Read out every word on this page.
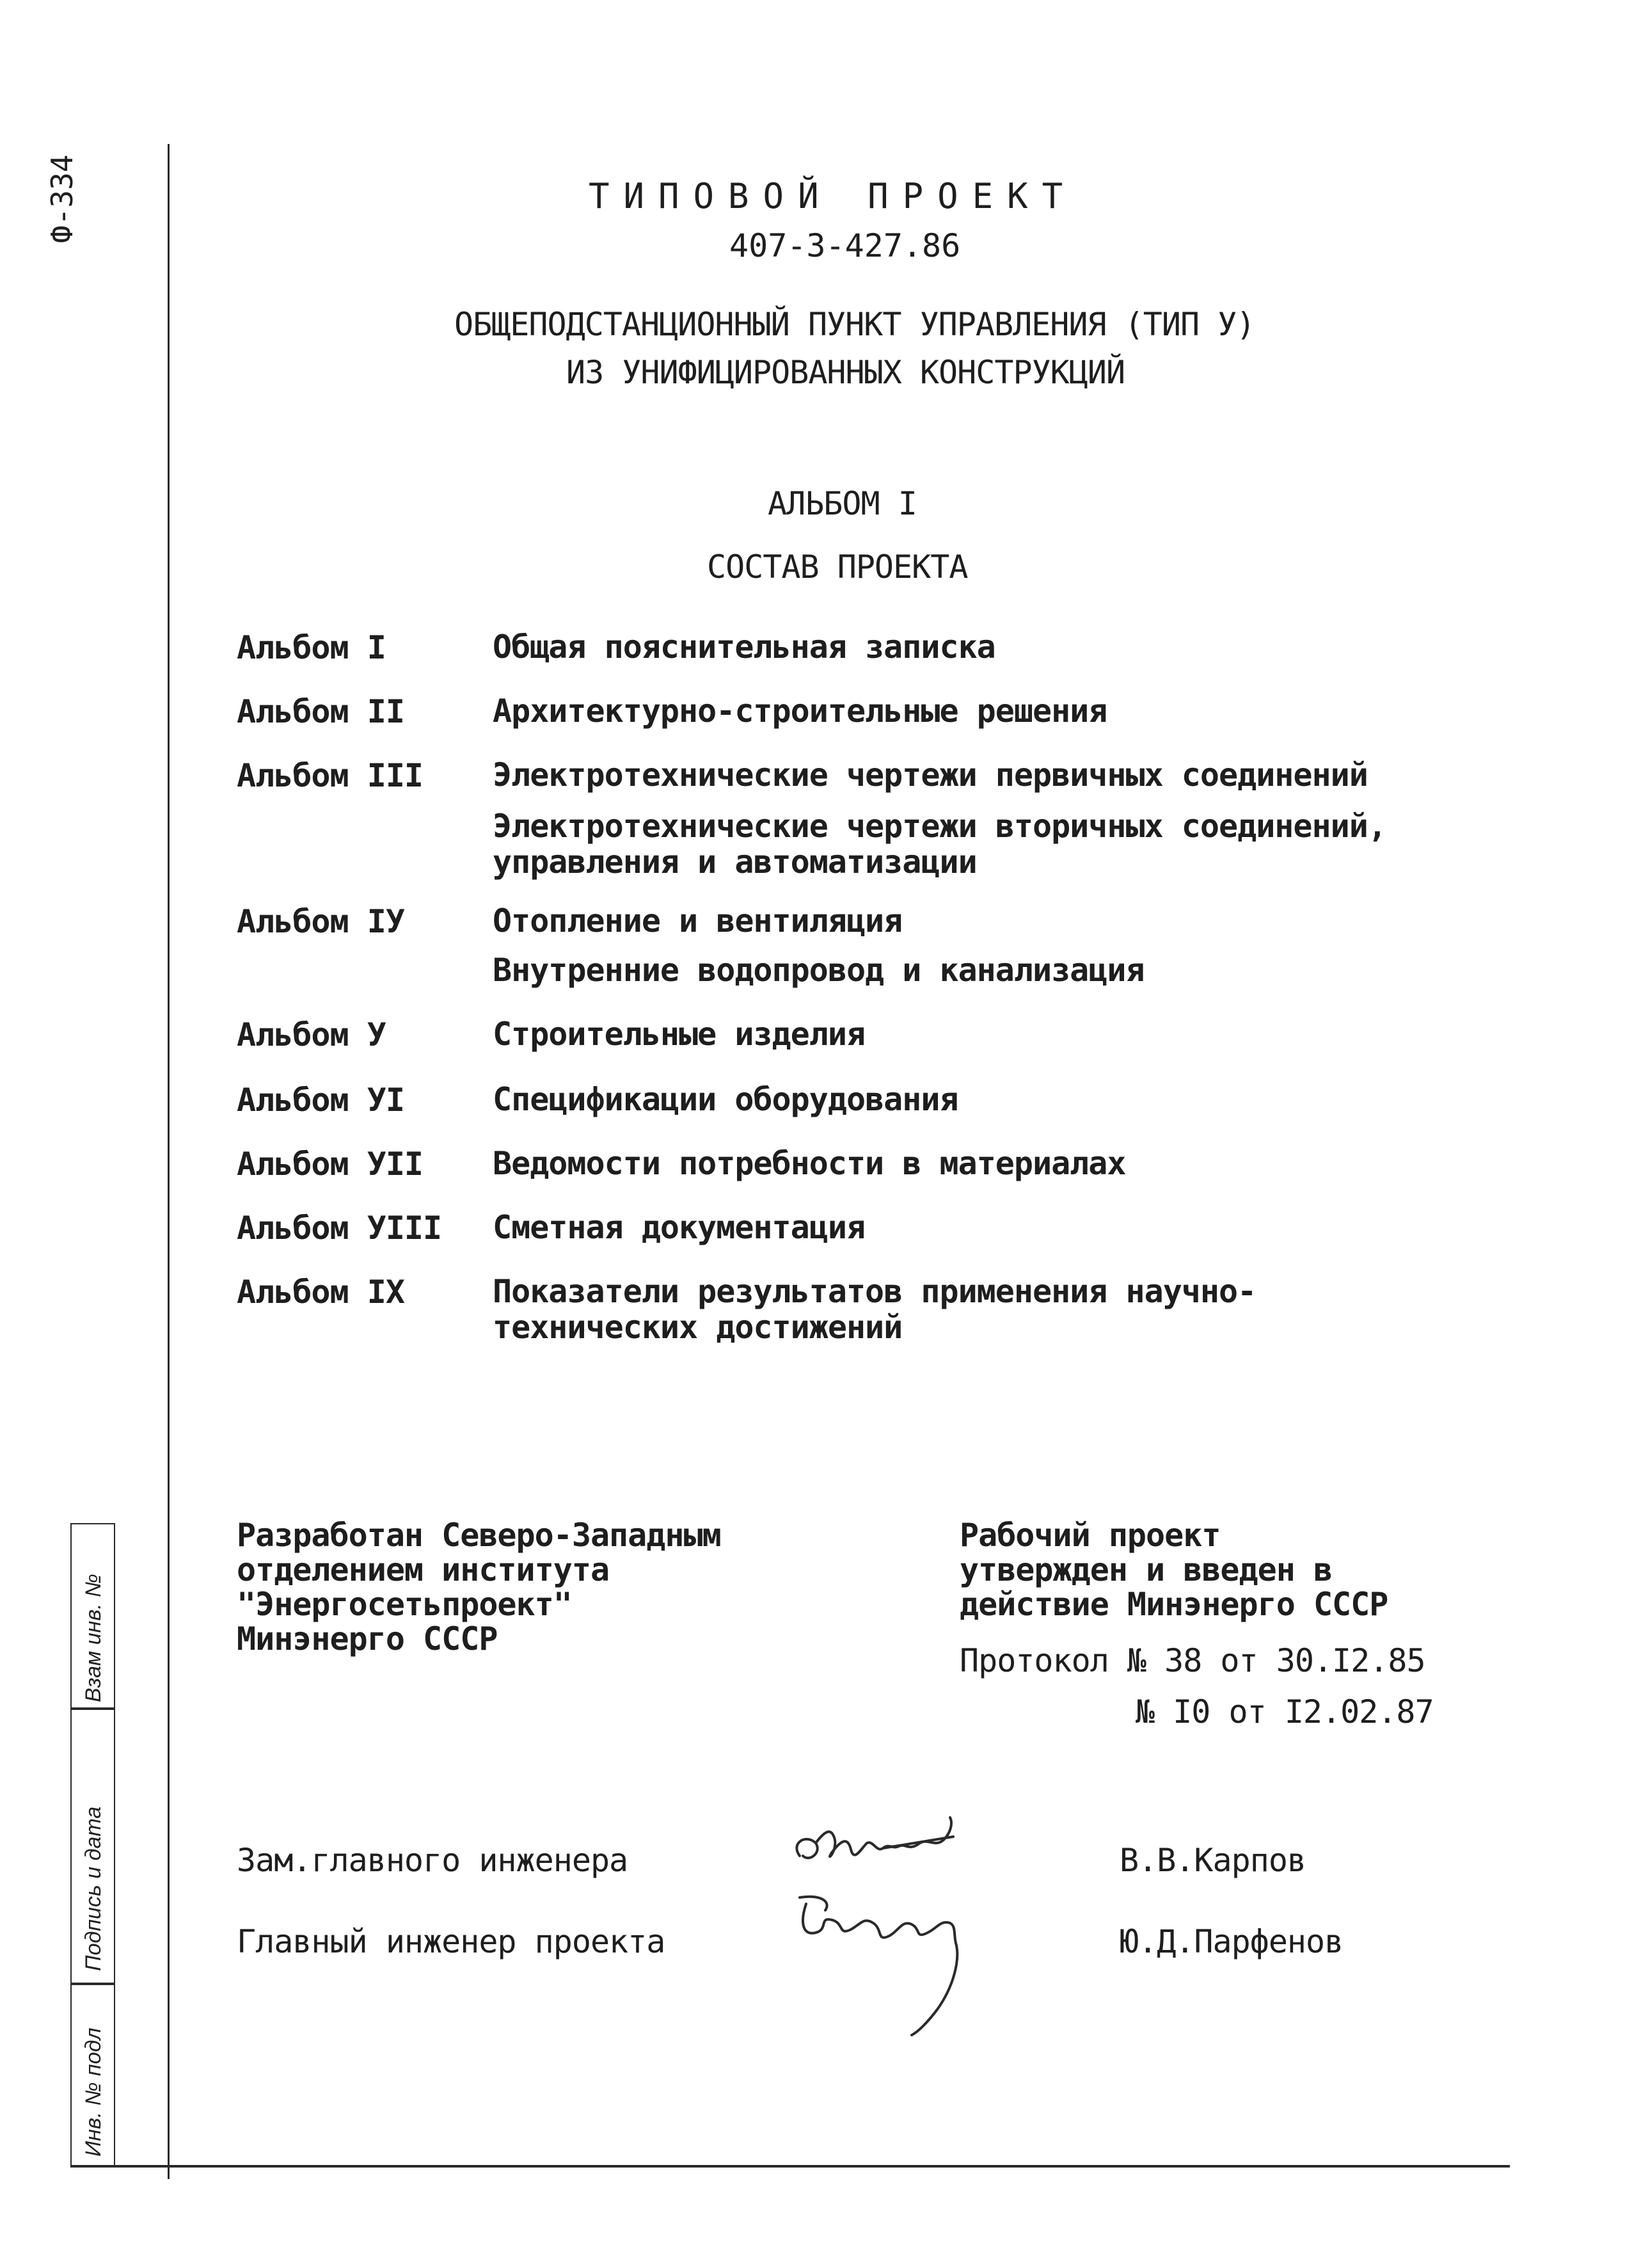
Ф-334
Взам инв. №
Подпись и дата
Инв. № подл
ТИПОВОЙ ПРОЕКТ
407-3-427.86
ОБЩЕПОДСТАНЦИОННЫЙ ПУНКТ УПРАВЛЕНИЯ (ТИП У)
ИЗ УНИФИЦИРОВАННЫХ КОНСТРУКЦИЙ
АЛЬБОМ I
СОСТАВ ПРОЕКТА
Альбом I	Общая пояснительная записка
Альбом II	Архитектурно-строительные решения
Альбом III Электротехнические чертежи первичных соединений
Электротехнические чертежи вторичных соединений,
управления и автоматизации
Альбом IУ	Отопление и вентиляция
Внутренние водопровод и канализация
Альбом У	Строительные изделия
Альбом УI	Спецификации оборудования
Альбом УII Ведомости потребности в материалах
Альбом УIII Сметная документация
Альбом IX	Показатели результатов применения научно-
технических достижений
Разработан Северо-Западным
отделением института
"Энергосетьпроект"
Минэнерго СССР
Рабочий проект
утвержден и введен в
действие Минэнерго СССР
Протокол № 38 от 30.I2.85
№ I0 от I2.02.87
Зам.главного инженера	В.В.Карпов
Главный инженер проекта	Ю.Д.Парфенов
